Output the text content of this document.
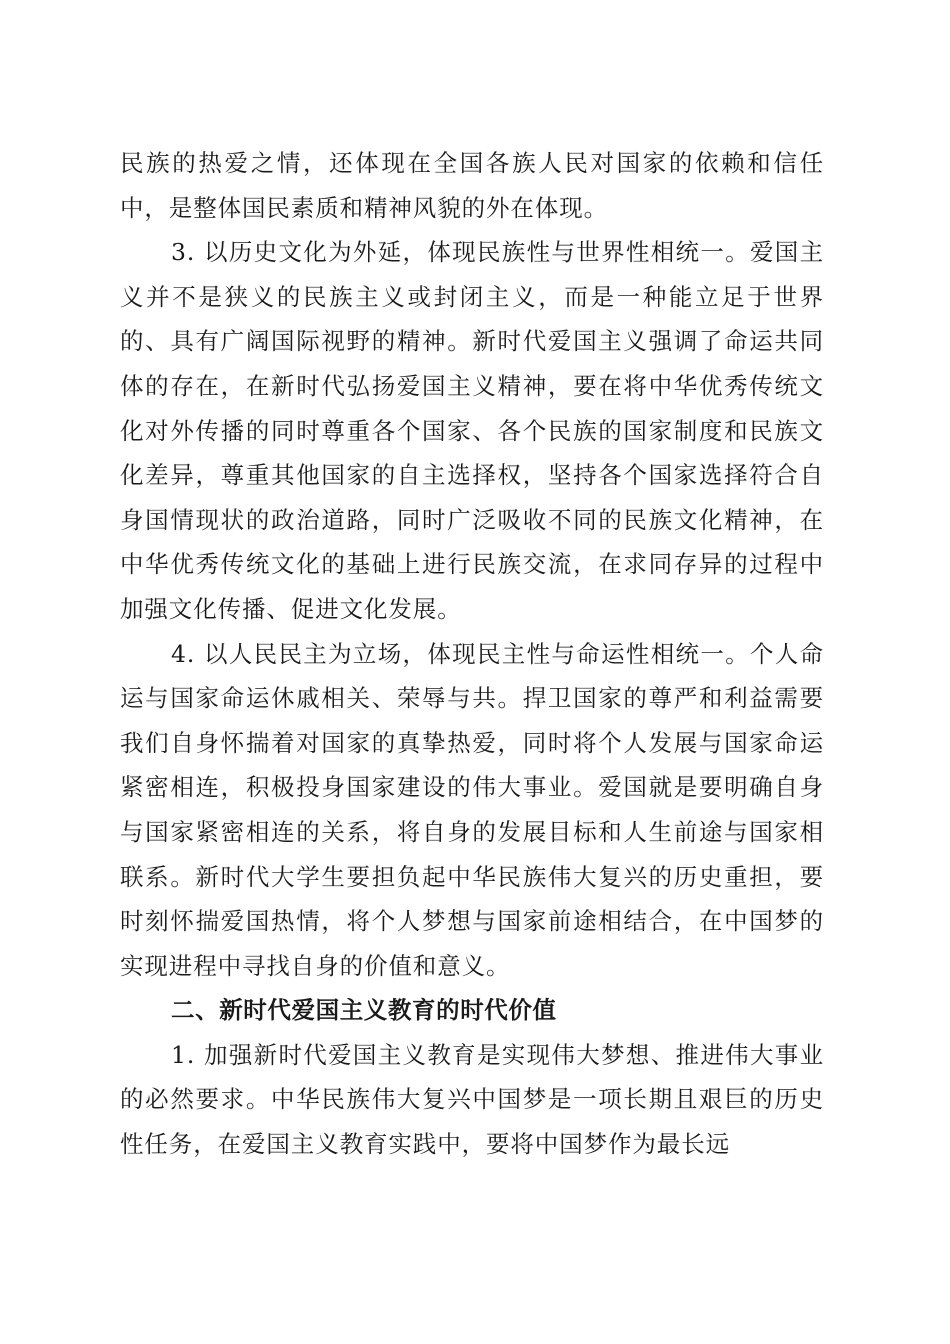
民族的热爱之情，还体现在全国各族人民对国家的依赖和信任中，是整体国民素质和精神风貌的外在体现。

3. 以历史文化为外延，体现民族性与世界性相统一。爱国主义并不是狭义的民族主义或封闭主义，而是一种能立足于世界的、具有广阔国际视野的精神。新时代爱国主义强调了命运共同体的存在，在新时代弘扬爱国主义精神，要在将中华优秀传统文化对外传播的同时尊重各个国家、各个民族的国家制度和民族文化差异，尊重其他国家的自主选择权，坚持各个国家选择符合自身国情现状的政治道路，同时广泛吸收不同的民族文化精神，在中华优秀传统文化的基础上进行民族交流，在求同存异的过程中加强文化传播、促进文化发展。

4. 以人民民主为立场，体现民主性与命运性相统一。个人命运与国家命运休戚相关、荣辱与共。捍卫国家的尊严和利益需要我们自身怀揣着对国家的真挚热爱，同时将个人发展与国家命运紧密相连，积极投身国家建设的伟大事业。爱国就是要明确自身与国家紧密相连的关系，将自身的发展目标和人生前途与国家相联系。新时代大学生要担负起中华民族伟大复兴的历史重担，要时刻怀揣爱国热情，将个人梦想与国家前途相结合，在中国梦的实现进程中寻找自身的价值和意义。

二、新时代爱国主义教育的时代价值

1. 加强新时代爱国主义教育是实现伟大梦想、推进伟大事业的必然要求。中华民族伟大复兴中国梦是一项长期且艰巨的历史性任务，在爱国主义教育实践中，要将中国梦作为最长远
